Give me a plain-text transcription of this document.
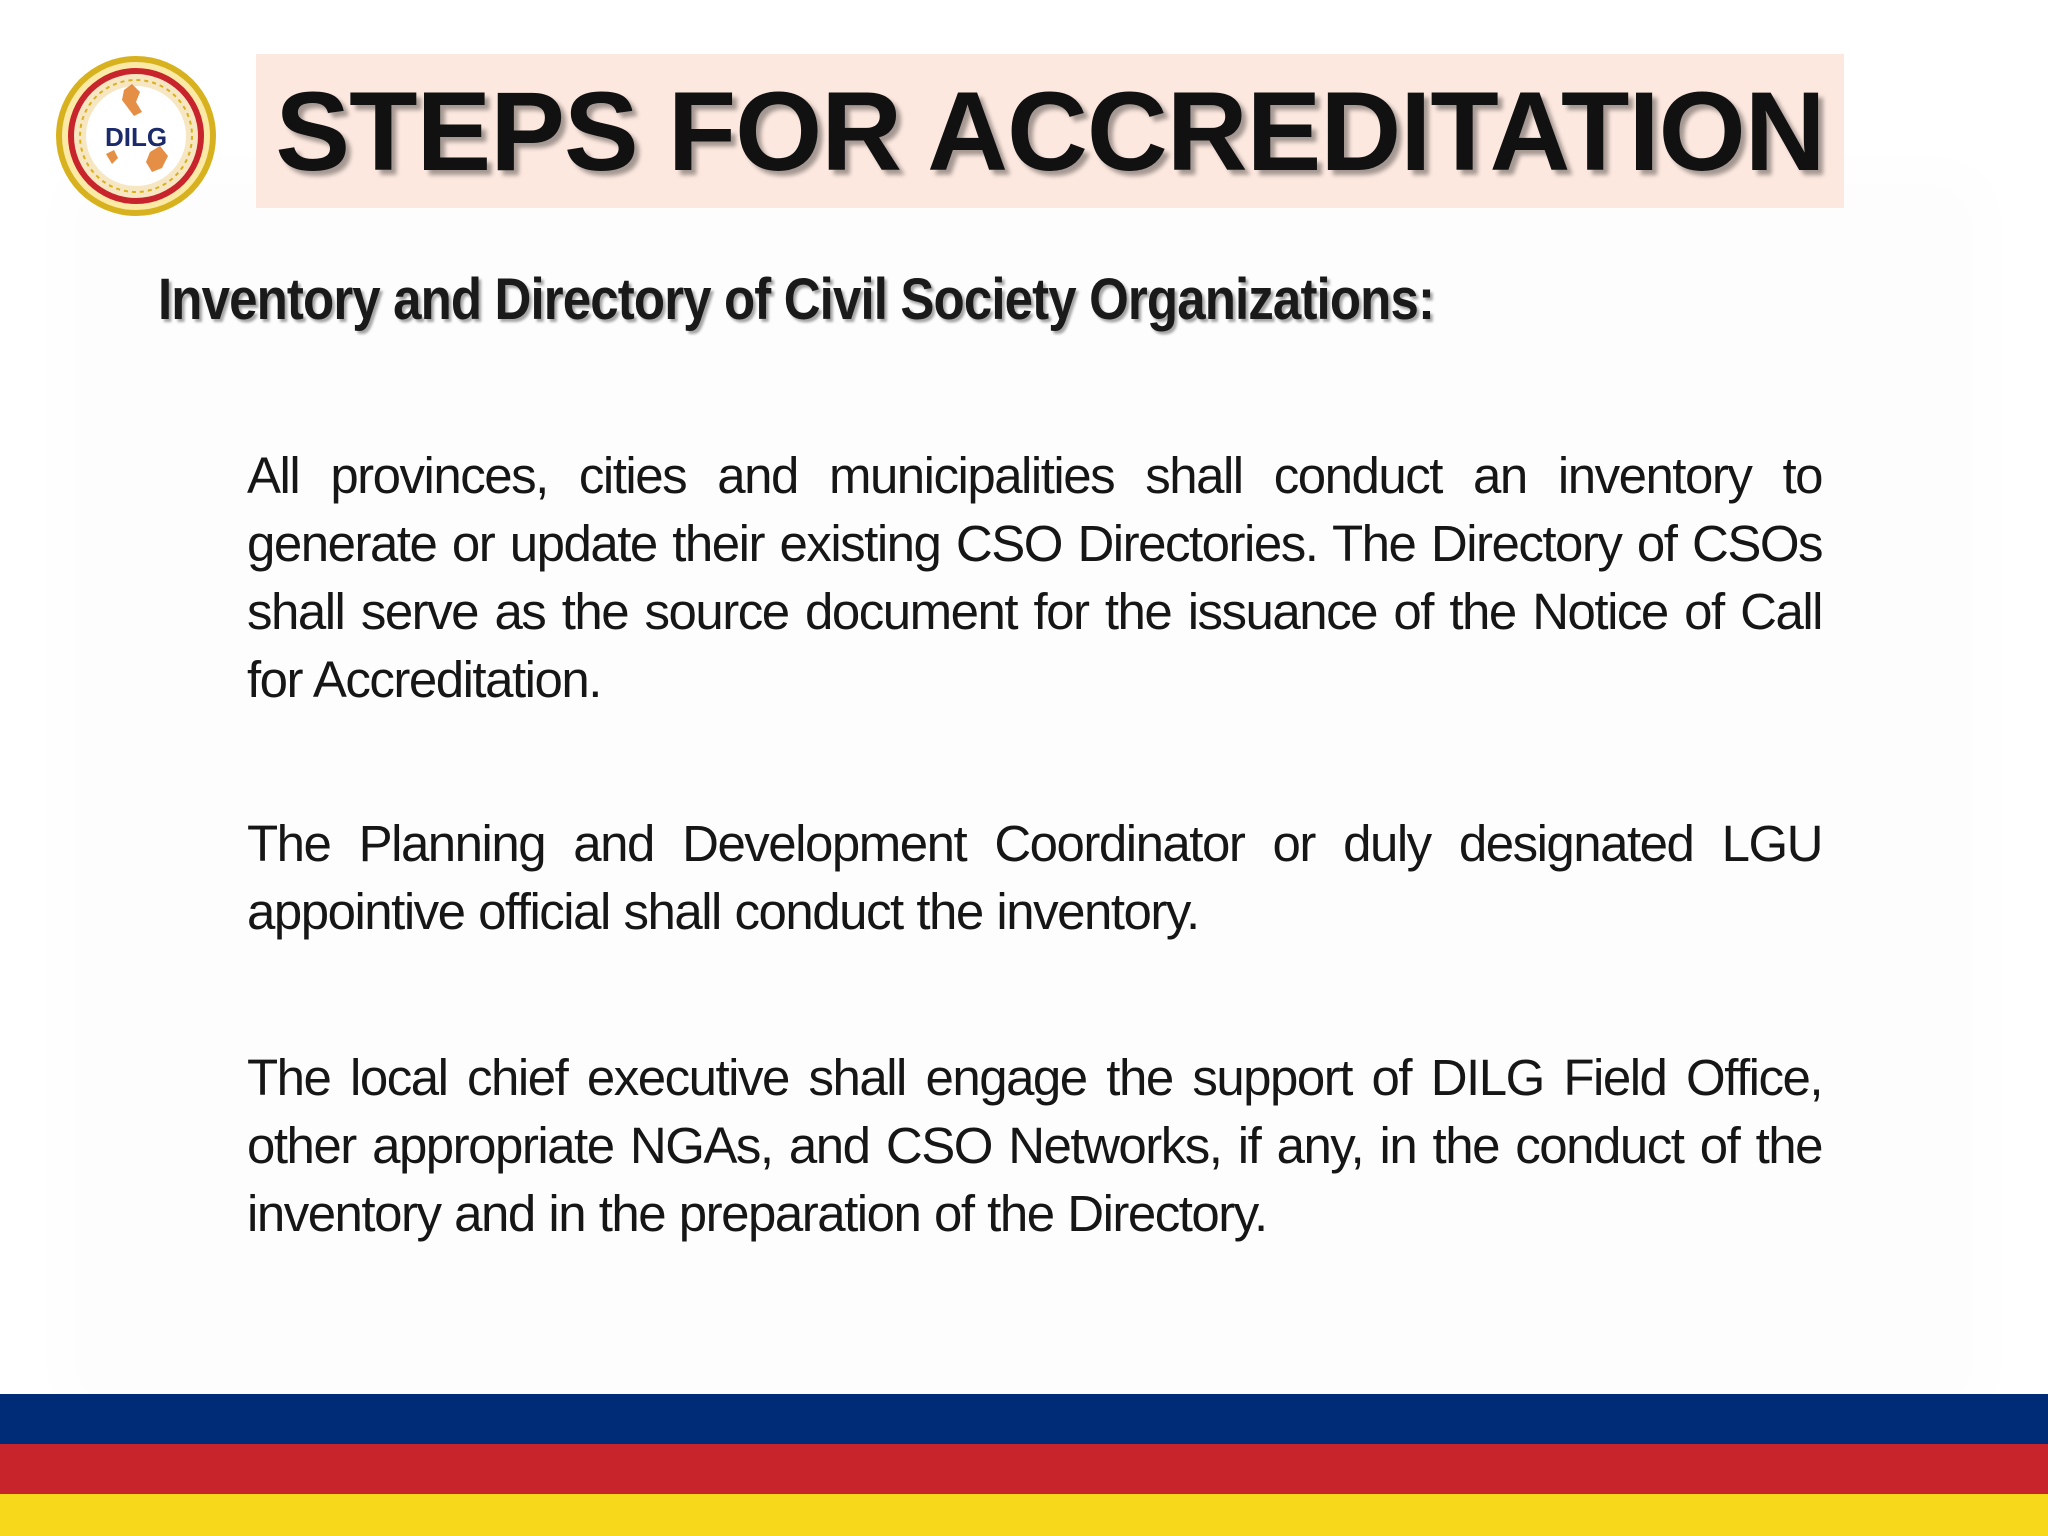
DILG STEPS FOR ACCREDITATION
Inventory and Directory of Civil Society Organizations:

All provinces, cities and municipalities shall conduct an inventory to generate or update their existing CSO Directories. The Directory of CSOs shall serve as the source document for the issuance of the Notice of Call for Accreditation.

The Planning and Development Coordinator or duly designated LGU appointive official shall conduct the inventory.

The local chief executive shall engage the support of DILG Field Office, other appropriate NGAs, and CSO Networks, if any, in the conduct of the inventory and in the preparation of the Directory.
